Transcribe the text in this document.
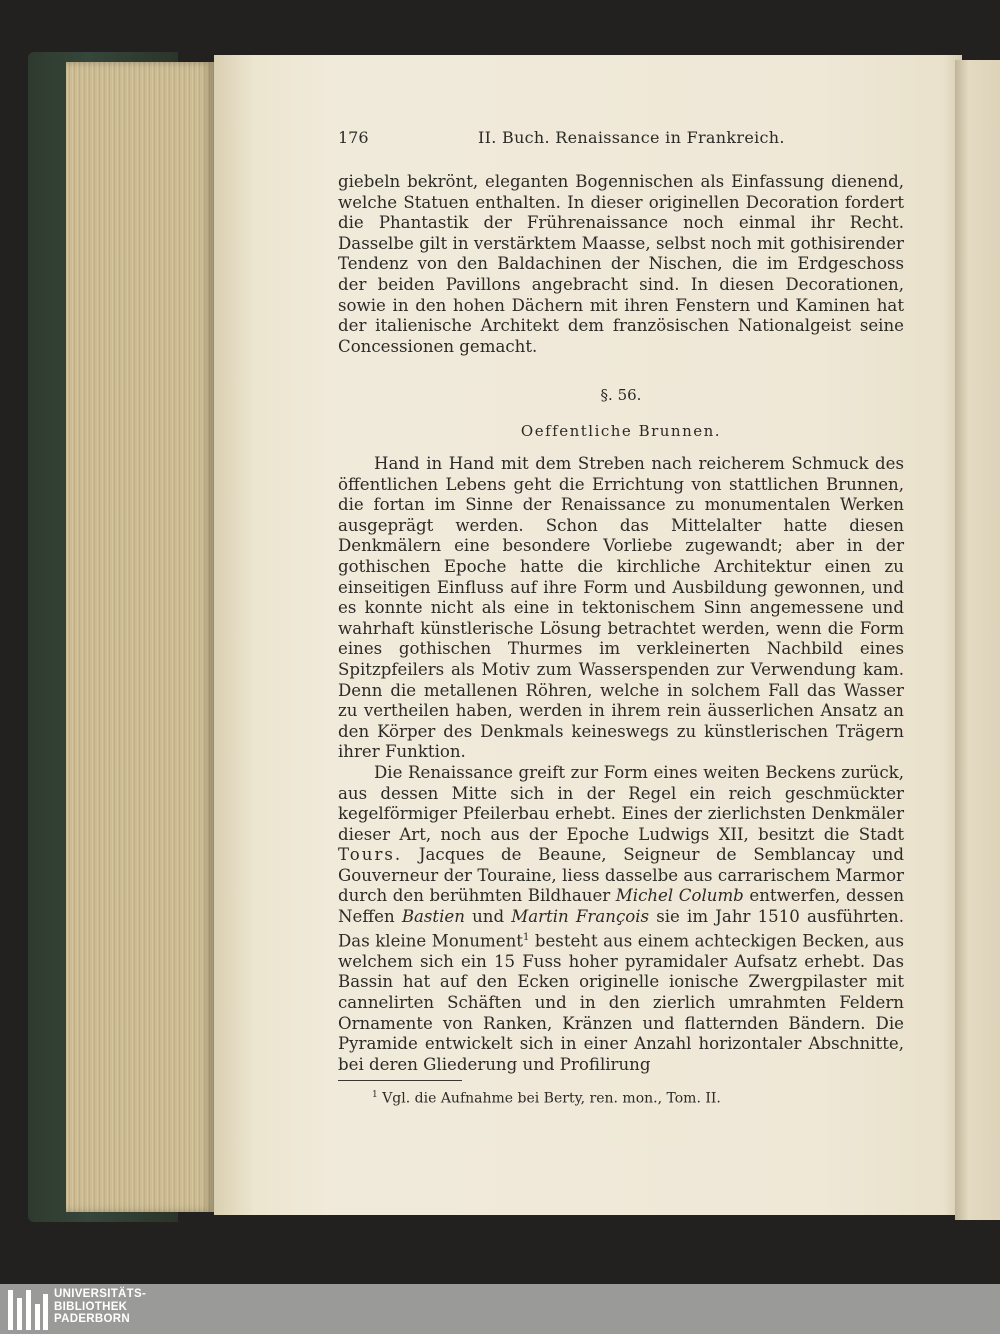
176	II. Buch. Renaissance in Frankreich.

giebeln bekrönt, eleganten Bogennischen als Einfassung dienend, welche Statuen enthalten. In dieser originellen Decoration fordert die Phantastik der Frührenaissance noch einmal ihr Recht. Dasselbe gilt in verstärktem Maasse, selbst noch mit gothisirender Tendenz von den Baldachinen der Nischen, die im Erdgeschoss der beiden Pavillons angebracht sind. In diesen Decorationen, sowie in den hohen Dächern mit ihren Fenstern und Kaminen hat der italienische Architekt dem französischen Nationalgeist seine Concessionen gemacht.

§. 56.
Oeffentliche Brunnen.

Hand in Hand mit dem Streben nach reicherem Schmuck des öffentlichen Lebens geht die Errichtung von stattlichen Brunnen, die fortan im Sinne der Renaissance zu monumentalen Werken ausgeprägt werden. Schon das Mittelalter hatte diesen Denkmälern eine besondere Vorliebe zugewandt; aber in der gothischen Epoche hatte die kirchliche Architektur einen zu einseitigen Einfluss auf ihre Form und Ausbildung gewonnen, und es konnte nicht als eine in tektonischem Sinn angemessene und wahrhaft künstlerische Lösung betrachtet werden, wenn die Form eines gothischen Thurmes im verkleinerten Nachbild eines Spitzpfeilers als Motiv zum Wasserspenden zur Verwendung kam. Denn die metallenen Röhren, welche in solchem Fall das Wasser zu vertheilen haben, werden in ihrem rein äusserlichen Ansatz an den Körper des Denkmals keineswegs zu künstlerischen Trägern ihrer Funktion.

Die Renaissance greift zur Form eines weiten Beckens zurück, aus dessen Mitte sich in der Regel ein reich geschmückter kegelförmiger Pfeilerbau erhebt. Eines der zierlichsten Denkmäler dieser Art, noch aus der Epoche Ludwigs XII, besitzt die Stadt Tours. Jacques de Beaune, Seigneur de Semblancay und Gouverneur der Touraine, liess dasselbe aus carrarischem Marmor durch den berühmten Bildhauer Michel Columb entwerfen, dessen Neffen Bastien und Martin François sie im Jahr 1510 ausführten. Das kleine Monument$^1$ besteht aus einem achteckigen Becken, aus welchem sich ein 15 Fuss hoher pyramidaler Aufsatz erhebt. Das Bassin hat auf den Ecken originelle ionische Zwergpilaster mit cannelirten Schäften und in den zierlich umrahmten Feldern Ornamente von Ranken, Kränzen und flatternden Bändern. Die Pyramide entwickelt sich in einer Anzahl horizontaler Abschnitte, bei deren Gliederung und Profilirung

$^1$ Vgl. die Aufnahme bei Berty, ren. mon., Tom. II.
UNIVERSITÄTS-
BIBLIOTHEK
PADERBORN
